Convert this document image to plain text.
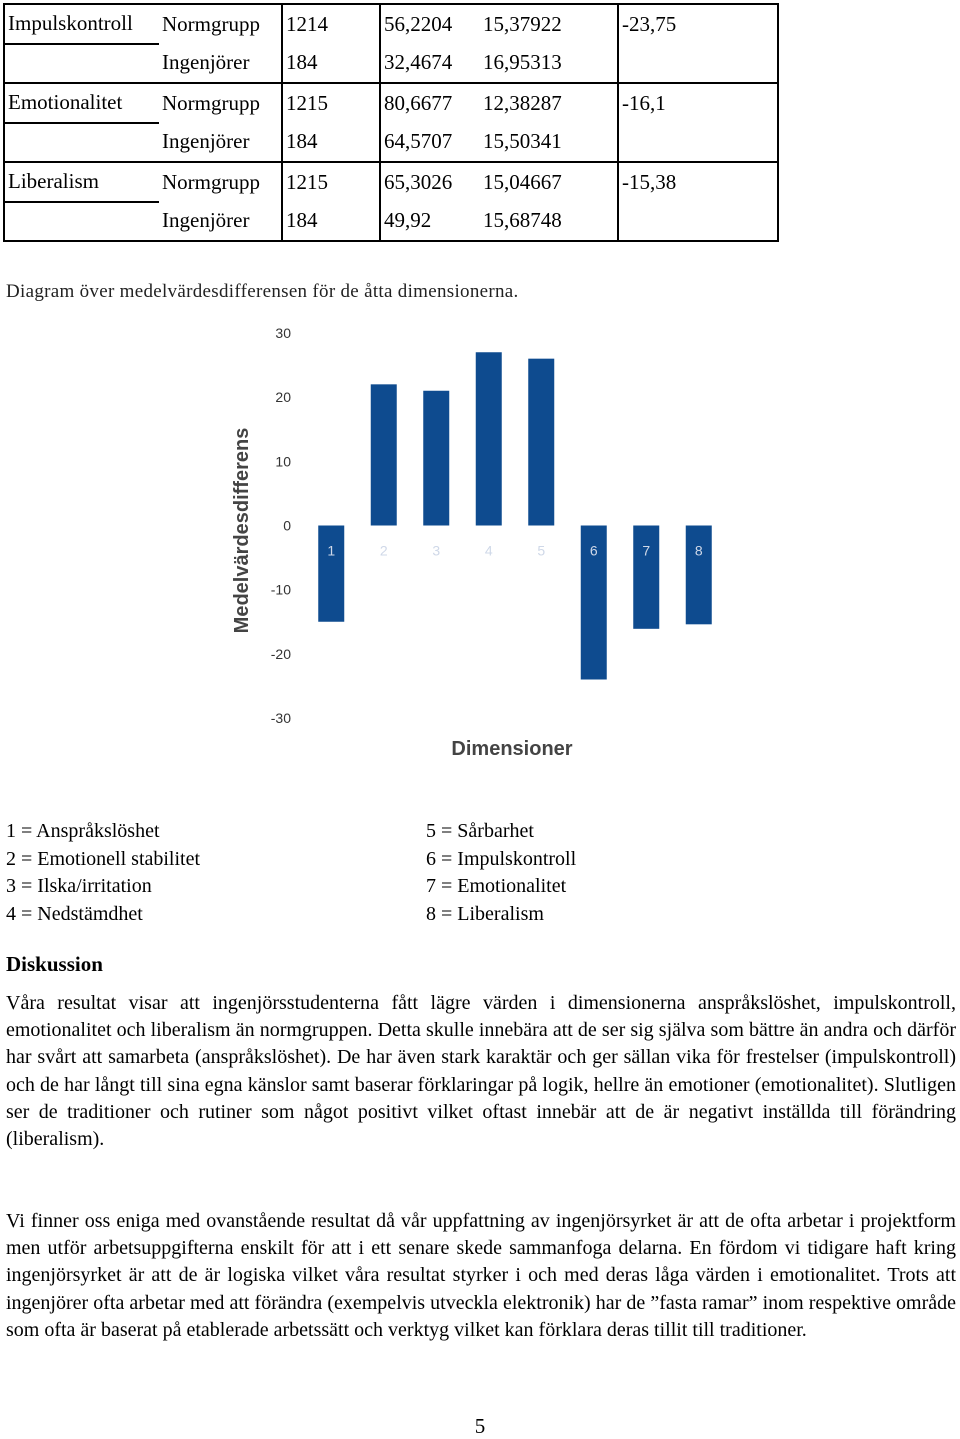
Impulskontroll	Normgrupp	1214	56,2204	15,37922	-23,75
	Ingenjörer	184	32,4674	16,95313	
Emotionalitet	Normgrupp	1215	80,6677	12,38287	-16,1
	Ingenjörer	184	64,5707	15,50341	
Liberalism	Normgrupp	1215	65,3026	15,04667	-15,38
	Ingenjörer	184	49,92	15,68748	
Diagram över medelvärdesdifferensen för de åtta dimensionerna.
30
20
10
0
-10
-20
-30
1	2	3	4	5	6	7	8
Medelvärdesdifferens
Dimensioner
1 = Anspråkslöshet
2 = Emotionell stabilitet
3 = Ilska/irritation
4 = Nedstämdhet
5 = Sårbarhet
6 = Impulskontroll
7 = Emotionalitet
8 = Liberalism
Diskussion

Våra resultat visar att ingenjörsstudenterna fått lägre värden i dimensionerna anspråkslöshet, impulskontroll, emotionalitet och liberalism än normgruppen. Detta skulle innebära att de ser sig själva som bättre än andra och därför har svårt att samarbeta (anspråkslöshet). De har även stark karaktär och ger sällan vika för frestelser (impulskontroll) och de har långt till sina egna känslor samt baserar förklaringar på logik, hellre än emotioner (emotionalitet). Slutligen ser de traditioner och rutiner som något positivt vilket oftast innebär att de är negativt inställda till förändring (liberalism).

Vi finner oss eniga med ovanstående resultat då vår uppfattning av ingenjörsyrket är att de ofta arbetar i projektform men utför arbetsuppgifterna enskilt för att i ett senare skede sammanfoga delarna. En fördom vi tidigare haft kring ingenjörsyrket är att de är logiska vilket våra resultat styrker i och med deras låga värden i emotionalitet. Trots att ingenjörer ofta arbetar med att förändra (exempelvis utveckla elektronik) har de ”fasta ramar” inom respektive område som ofta är baserat på etablerade arbetssätt och verktyg vilket kan förklara deras tillit till traditioner.

5
